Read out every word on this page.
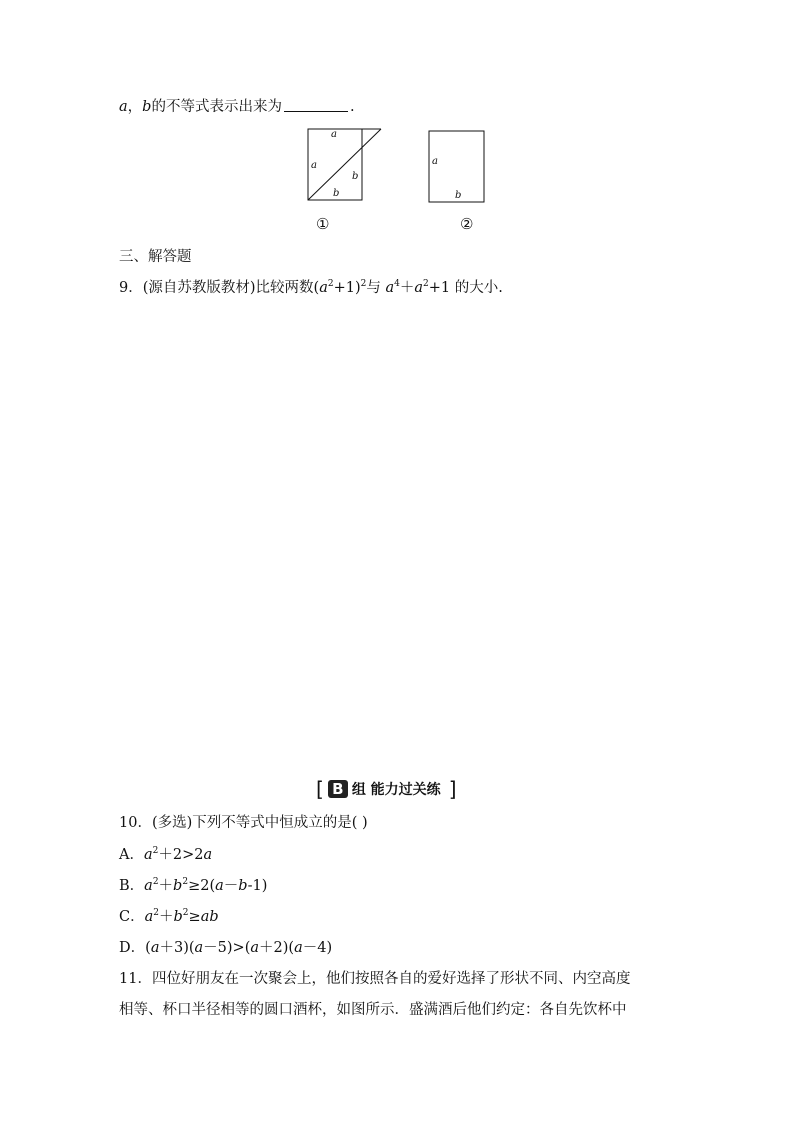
a，b的不等式表示出来为	.
a
a
b
b
①
a
b
②
三、解答题
9．(源自苏教版教材)比较两数$(a^2+1)^2$与 $a^4+a^2+1$ 的大小.
[ B 组 能力过关练 ]
10．(多选)下列不等式中恒成立的是( )
A．$a^2+2>2a$
B．$a^2+b^2\ge 2(a-b-1)$
C．$a^2+b^2\ge ab$
D．(a＋3)(a－5)>(a＋2)(a－4)
11．四位好朋友在一次聚会上，他们按照各自的爱好选择了形状不同、内空高度
相等、杯口半径相等的圆口酒杯，如图所示．盛满酒后他们约定：各自先饮杯中
